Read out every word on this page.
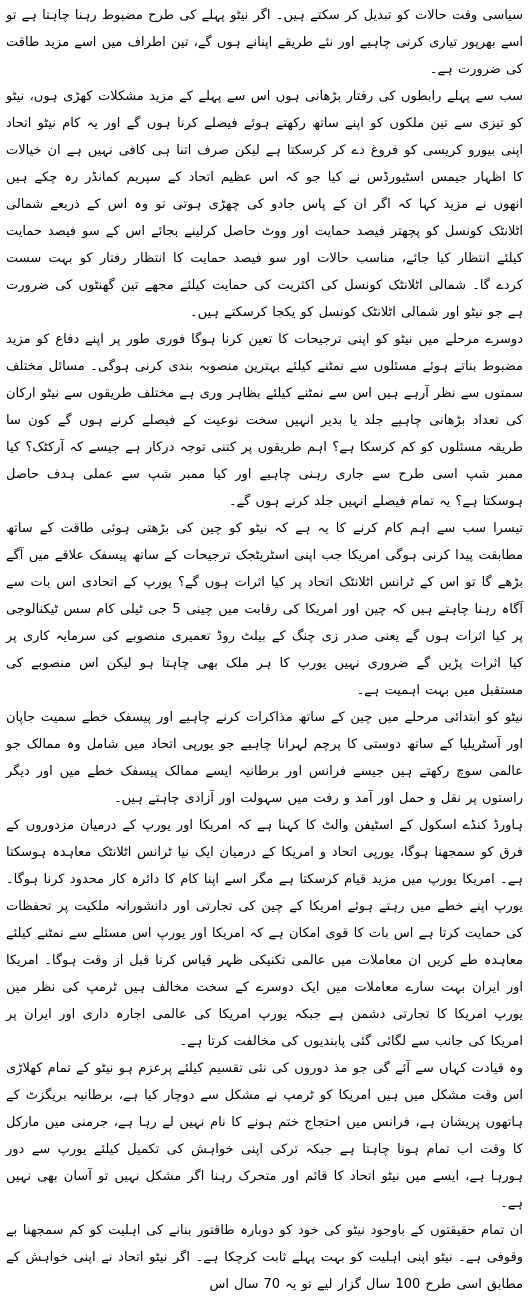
سیاسی وقت حالات کو تبدیل کر سکتے ہیں۔ اگر نیٹو پہلے کی طرح مضبوط رہنا چاہتا ہے تو اسے بھرپور تیاری کرنی چاہیے اور نئے طریقے اپنانے ہوں گے، تین اطراف میں اسے مزید طاقت کی ضرورت ہے۔

سب سے پہلے رابطوں کی رفتار بڑھانی ہوں اس سے پہلے کے مزید مشکلات کھڑی ہوں، نیٹو کو تیزی سے تین ملکوں کو اپنے ساتھ رکھتے ہوئے فیصلے کرنا ہوں گے اور یہ کام نیٹو اتحاد اپنی بیورو کریسی کو فروغ دے کر کرسکتا ہے لیکن صرف اتنا ہی کافی نہیں ہے ان خیالات کا اظہار جیمس اسٹیورڈس نے کیا جو کہ اس عظیم اتحاد کے سپریم کمانڈر رہ چکے ہیں انھوں نے مزید کہا کہ اگر ان کے پاس جادو کی چھڑی ہوتی تو وہ اس کے ذریعے شمالی اٹلانٹک کونسل کو پچھتر فیصد حمایت اور ووٹ حاصل کرلینے بجائے اس کے سو فیصد حمایت کیلئے انتظار کیا جائے، مناسب حالات اور سو فیصد حمایت کا انتظار رفتار کو بہت سست کردے گا۔ شمالی اٹلانٹک کونسل کی اکثریت کی حمایت کیلئے مجھے تین گھنٹوں کی ضرورت ہے جو نیٹو اور شمالی اٹلانٹک کونسل کو یکجا کرسکتے ہیں۔

دوسرے مرحلے میں نیٹو کو اپنی ترجیحات کا تعین کرنا ہوگا فوری طور پر اپنے دفاع کو مزید مضبوط بناتے ہوئے مسئلوں سے نمٹنے کیلئے بہترین منصوبہ بندی کرنی ہوگی۔ مسائل مختلف سمتوں سے نظر آرہے ہیں اس سے نمٹنے کیلئے بظاہر وری ہے مختلف طریقوں سے نیٹو ارکان کی تعداد بڑھانی چاہیے جلد یا بدیر انہیں سخت نوعیت کے فیصلے کرنے ہوں گے کون سا طریقہ مسئلوں کو کم کرسکا ہے؟ اہم طریقوں پر کتنی توجہ درکار ہے جیسے کہ آرکٹک؟ کیا ممبر شپ اسی طرح سے جاری رہنی چاہیے اور کیا ممبر شپ سے عملی ہدف حاصل ہوسکتا ہے؟ یہ تمام فیصلے انہیں جلد کرنے ہوں گے۔

تیسرا سب سے اہم کام کرنے کا یہ ہے کہ نیٹو کو چین کی بڑھتی ہوئی طاقت کے ساتھ مطابقت پیدا کرنی ہوگی امریکا جب اپنی اسٹریٹجک ترجیحات کے ساتھ پیسفک علاقے میں آگے بڑھے گا تو اس کے ٹرانس اٹلانٹک اتحاد پر کیا اثرات ہوں گے؟ یورپ کے اتحادی اس بات سے آگاہ رہنا چاہتے ہیں کہ چین اور امریکا کی رقابت میں چینی 5 جی ٹیلی کام سس ٹیکنالوجی پر کیا اثرات ہوں گے یعنی صدر زی چنگ کے بیلٹ روڈ تعمیری منصوبے کی سرمایہ کاری پر کیا اثرات پڑیں گے ضروری نہیں یورپ کا ہر ملک بھی چاہتا ہو لیکن اس منصوبے کی مستقبل میں بہت اہمیت ہے۔

نیٹو کو ابتدائی مرحلے میں چین کے ساتھ مذاکرات کرنے چاہیے اور پیسفک خطے سمیت جاپان اور آسٹریلیا کے ساتھ دوستی کا پرچم لہرانا چاہیے جو یورپی اتحاد میں شامل وہ ممالک جو عالمی سوچ رکھتے ہیں جیسے فرانس اور برطانیہ ایسے ممالک پیسفک خطے میں اور دیگر راستوں پر نقل و حمل اور آمد و رفت میں سہولت اور آزادی چاہتے ہیں۔

ہاورڈ کنڈے اسکول کے اسٹیفن والٹ کا کہنا ہے کہ امریکا اور یورپ کے درمیان مزدوروں کے فرق کو سمجھنا ہوگا، یورپی اتحاد و امریکا کے درمیان ایک نیا ٹرانس اٹلانٹک معاہدہ ہوسکتا ہے۔ امریکا یورپ میں مزید قیام کرسکتا ہے مگر اسے اپنا کام کا دائرہ کار محدود کرنا ہوگا۔ یورپ اپنے خطے میں رہتے ہوئے امریکا کے چین کی تجارتی اور دانشورانہ ملکیت پر تحفظات کی حمایت کرتا ہے اس بات کا قوی امکان ہے کہ امریکا اور یورپ اس مسئلے سے نمٹنے کیلئے معاہدہ طے کریں ان معاملات میں عالمی تکنیکی ظہر قیاس کرنا قبل از وقت ہوگا۔ امریکا اور ایران بہت سارے معاملات میں ایک دوسرے کے سخت مخالف ہیں ٹرمپ کی نظر میں یورپ امریکا کا تجارتی دشمن ہے جبکہ یورپ امریکا کی عالمی اجارہ داری اور ایران پر امریکا کی جانب سے لگائی گئی پابندیوں کی مخالفت کرتا ہے۔

وہ قیادت کہاں سے آئے گی جو مذ دوروں کی نئی تقسیم کیلئے پرعزم ہو نیٹو کے تمام کھلاڑی اس وقت مشکل میں ہیں امریکا کو ٹرمپ نے مشکل سے دوچار کیا ہے، برطانیہ بریگزٹ کے ہاتھوں پریشان ہے، فرانس میں احتجاج ختم ہونے کا نام نہیں لے رہا ہے، جرمنی میں مارکل کا وقت اب تمام ہونا چاہتا ہے جبکہ ترکی اپنی خواہش کی تکمیل کیلئے یورپ سے دور ہورہا ہے، ایسے میں نیٹو اتحاد کا قائم اور متحرک رہنا اگر مشکل نہیں تو آسان بھی نہیں ہے۔

ان تمام حقیقتوں کے باوجود نیٹو کی خود کو دوبارہ طاقتور بنانے کی اہلیت کو کم سمجھنا بے وقوفی ہے۔ نیٹو اپنی اہلیت کو بہت پہلے ثابت کرچکا ہے۔ اگر نیٹو اتحاد نے اپنی خواہش کے مطابق اسی طرح 100 سال گزار لیے تو یہ 70 سال اس
